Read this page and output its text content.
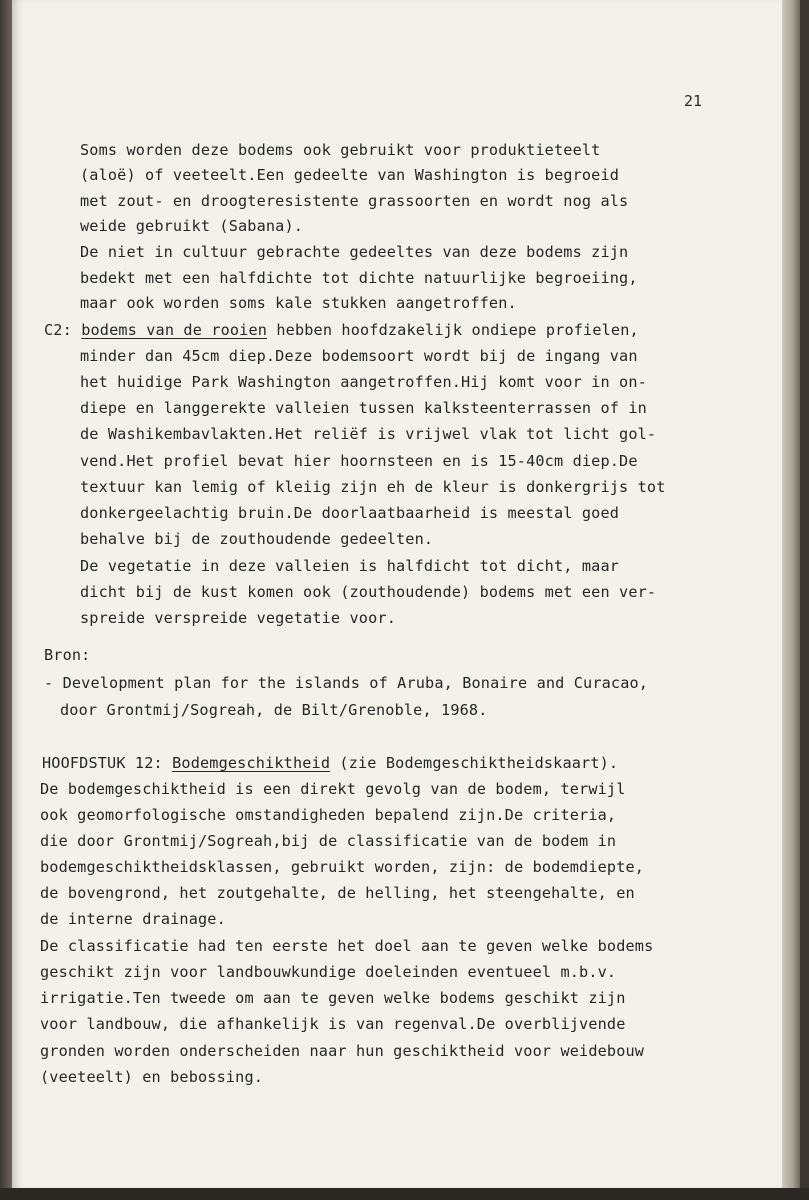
21
Soms worden deze bodems ook gebruikt voor produktieteelt
(aloë) of veeteelt.Een gedeelte van Washington is begroeid
met zout- en droogteresistente grassoorten en wordt nog als
weide gebruikt (Sabana).
De niet in cultuur gebrachte gedeeltes van deze bodems zijn
bedekt met een halfdichte tot dichte natuurlijke begroeiing,
maar ook worden soms kale stukken aangetroffen.
C2: bodems van de rooien hebben hoofdzakelijk ondiepe profielen,
minder dan 45cm diep.Deze bodemsoort wordt bij de ingang van
het huidige Park Washington aangetroffen.Hij komt voor in on-
diepe en langgerekte valleien tussen kalksteenterrassen of in
de Washikembavlakten.Het reliëf is vrijwel vlak tot licht gol-
vend.Het profiel bevat hier hoornsteen en is 15-40cm diep.De
textuur kan lemig of kleiig zijn eh de kleur is donkergrijs tot
donkergeelachtig bruin.De doorlaatbaarheid is meestal goed
behalve bij de zouthoudende gedeelten.
De vegetatie in deze valleien is halfdicht tot dicht, maar
dicht bij de kust komen ook (zouthoudende) bodems met een ver-
spreide verspreide vegetatie voor.
Bron:
- Development plan for the islands of Aruba, Bonaire and Curacao,
door Grontmij/Sogreah, de Bilt/Grenoble, 1968.
HOOFDSTUK 12: Bodemgeschiktheid (zie Bodemgeschiktheidskaart).
De bodemgeschiktheid is een direkt gevolg van de bodem, terwijl
ook geomorfologische omstandigheden bepalend zijn.De criteria,
die door Grontmij/Sogreah,bij de classificatie van de bodem in
bodemgeschiktheidsklassen, gebruikt worden, zijn: de bodemdiepte,
de bovengrond, het zoutgehalte, de helling, het steengehalte, en
de interne drainage.
De classificatie had ten eerste het doel aan te geven welke bodems
geschikt zijn voor landbouwkundige doeleinden eventueel m.b.v.
irrigatie.Ten tweede om aan te geven welke bodems geschikt zijn
voor landbouw, die afhankelijk is van regenval.De overblijvende
gronden worden onderscheiden naar hun geschiktheid voor weidebouw
(veeteelt) en bebossing.
